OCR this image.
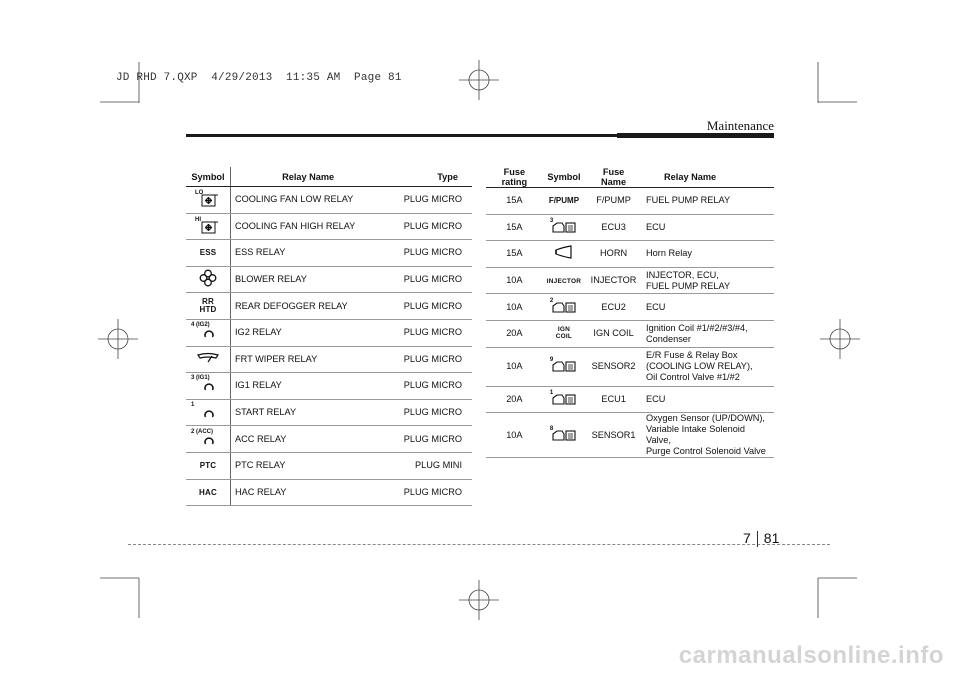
JD RHD 7.QXP  4/29/2013  11:35 AM  Page 81
Maintenance
Symbol	Relay Name	Type

LO	COOLING FAN LOW RELAY	PLUG MICRO

HI	COOLING FAN HIGH RELAY	PLUG MICRO
ESS	ESS RELAY	PLUG MICRO
	BLOWER RELAY	PLUG MICRO
RR
HTD	REAR DEFOGGER RELAY	PLUG MICRO

4 (IG2)	IG2 RELAY	PLUG MICRO
	FRT WIPER RELAY	PLUG MICRO

3 (IG1)	IG1 RELAY	PLUG MICRO

1	START RELAY	PLUG MICRO

2 (ACC)	ACC RELAY	PLUG MICRO
PTC	PTC RELAY	PLUG MINI
HAC	HAC RELAY	PLUG MICRO
Fuse rating	Symbol	Fuse Name	Relay Name
15A	F/PUMP	F/PUMP	FUEL PUMP RELAY
15A	3	ECU3	ECU
15A		HORN	Horn Relay
10A	INJECTOR	INJECTOR	INJECTOR, ECU,
FUEL PUMP RELAY
10A	2	ECU2	ECU
20A	IGN
COIL	IGN COIL	Ignition Coil #1/#2/#3/#4,
Condenser
10A	9	SENSOR2	E/R Fuse & Relay Box
(COOLING LOW RELAY),
Oil Control Valve #1/#2
20A	1	ECU1	ECU
10A	8	SENSOR1	Oxygen Sensor (UP/DOWN),
Variable Intake Solenoid Valve,
Purge Control Solenoid Valve
7 81
carmanualsonline.info
